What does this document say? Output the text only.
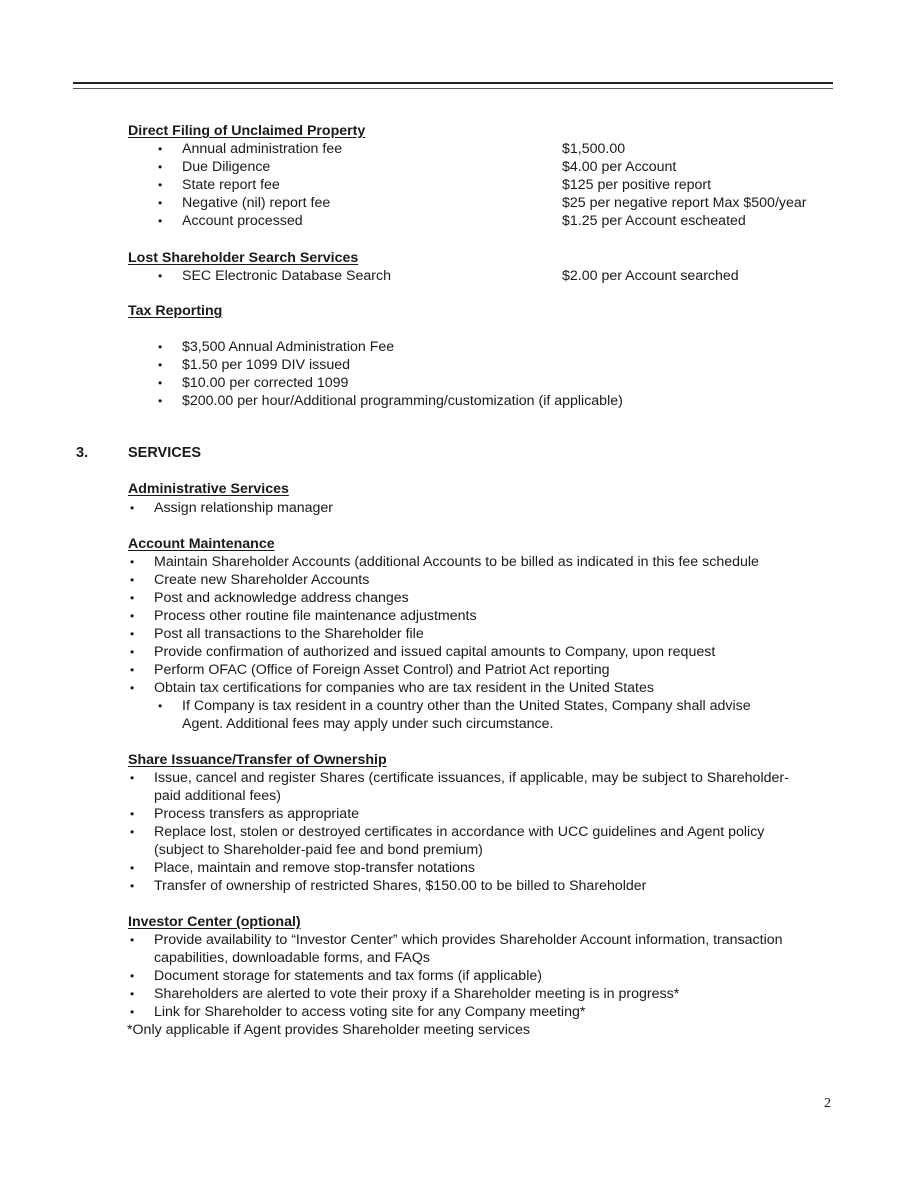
Direct Filing of Unclaimed Property
• Annual administration fee	$1,500.00
• Due Diligence	$4.00 per Account
• State report fee	$125 per positive report
• Negative (nil) report fee	$25 per negative report Max $500/year
• Account processed	$1.25 per Account escheated
Lost Shareholder Search Services
• SEC Electronic Database Search	$2.00 per Account searched
Tax Reporting
• $3,500 Annual Administration Fee
• $1.50 per 1099 DIV issued
• $10.00 per corrected 1099
• $200.00 per hour/Additional programming/customization (if applicable)
3.	SERVICES
Administrative Services
• Assign relationship manager
Account Maintenance
• Maintain Shareholder Accounts (additional Accounts to be billed as indicated in this fee schedule
• Create new Shareholder Accounts
• Post and acknowledge address changes
• Process other routine file maintenance adjustments
• Post all transactions to the Shareholder file
• Provide confirmation of authorized and issued capital amounts to Company, upon request
• Perform OFAC (Office of Foreign Asset Control) and Patriot Act reporting
• Obtain tax certifications for companies who are tax resident in the United States
• If Company is tax resident in a country other than the United States, Company shall advise
Agent. Additional fees may apply under such circumstance.
Share Issuance/Transfer of Ownership
• Issue, cancel and register Shares (certificate issuances, if applicable, may be subject to Shareholder-
paid additional fees)
• Process transfers as appropriate
• Replace lost, stolen or destroyed certificates in accordance with UCC guidelines and Agent policy
(subject to Shareholder-paid fee and bond premium)
• Place, maintain and remove stop-transfer notations
• Transfer of ownership of restricted Shares, $150.00 to be billed to Shareholder
Investor Center (optional)
• Provide availability to “Investor Center” which provides Shareholder Account information, transaction
capabilities, downloadable forms, and FAQs
• Document storage for statements and tax forms (if applicable)
• Shareholders are alerted to vote their proxy if a Shareholder meeting is in progress*
• Link for Shareholder to access voting site for any Company meeting*
*Only applicable if Agent provides Shareholder meeting services
2
